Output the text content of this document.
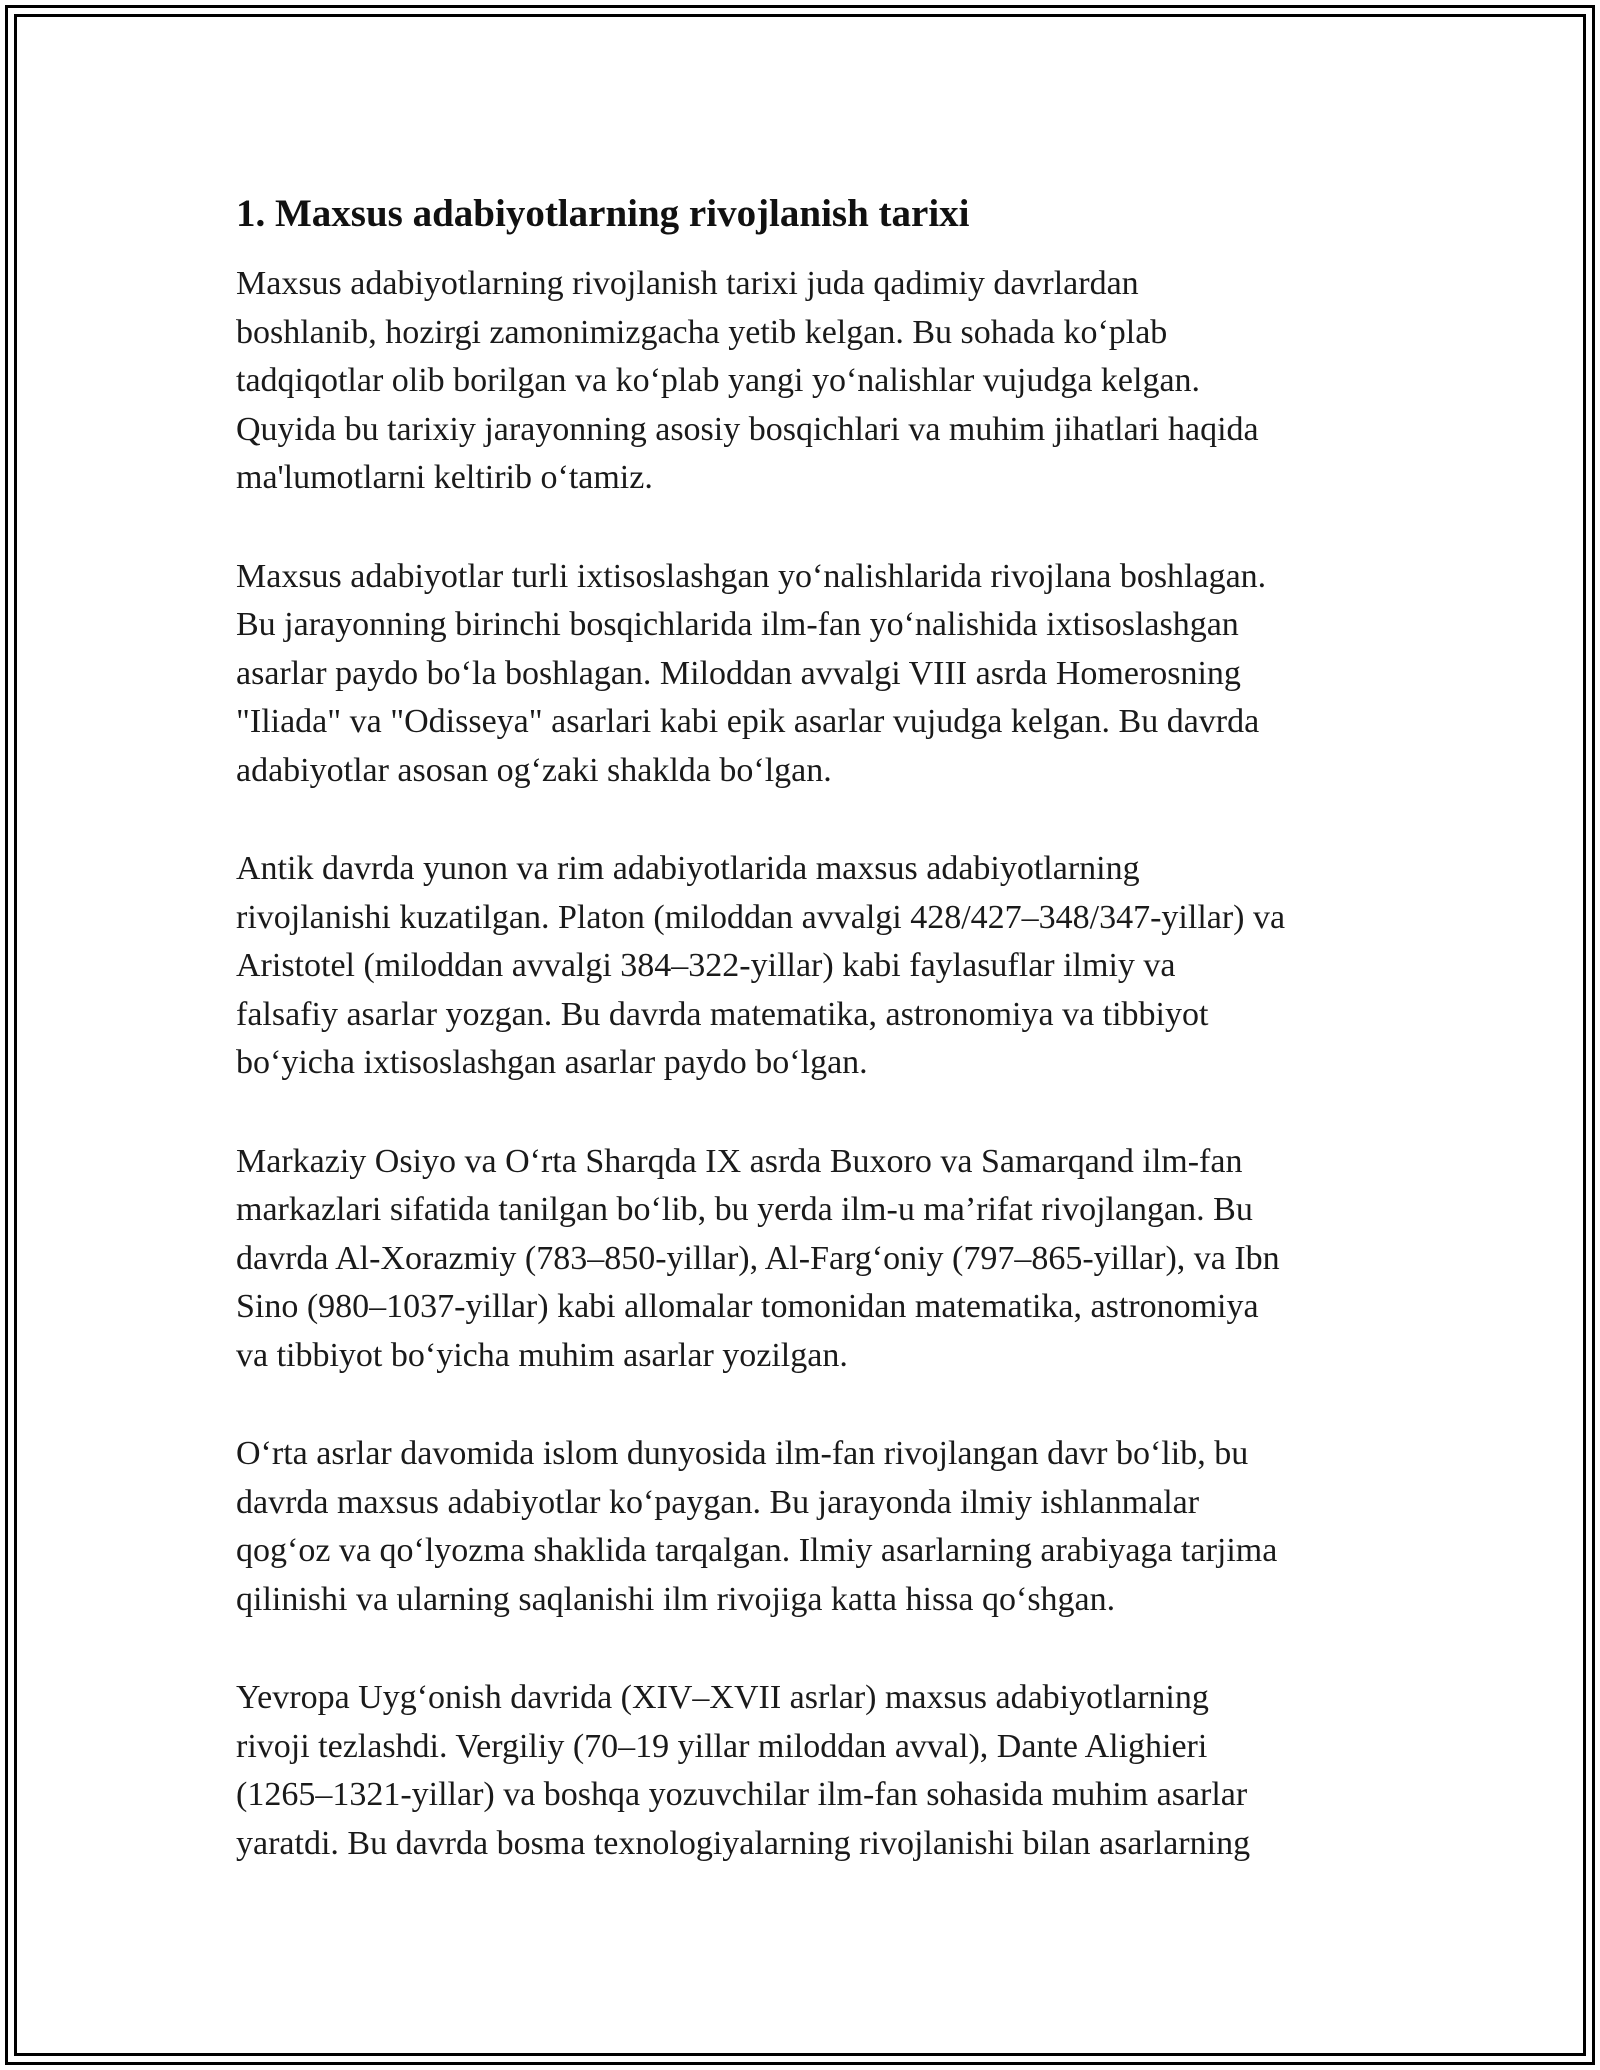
1. Maxsus adabiyotlarning rivojlanish tarixi

Maxsus adabiyotlarning rivojlanish tarixi juda qadimiy davrlardan
boshlanib, hozirgi zamonimizgacha yetib kelgan. Bu sohada ko‘plab
tadqiqotlar olib borilgan va ko‘plab yangi yo‘nalishlar vujudga kelgan.
Quyida bu tarixiy jarayonning asosiy bosqichlari va muhim jihatlari haqida
ma'lumotlarni keltirib o‘tamiz.

Maxsus adabiyotlar turli ixtisoslashgan yo‘nalishlarida rivojlana boshlagan.
Bu jarayonning birinchi bosqichlarida ilm-fan yo‘nalishida ixtisoslashgan
asarlar paydo bo‘la boshlagan. Miloddan avvalgi VIII asrda Homerosning
"Iliada" va "Odisseya" asarlari kabi epik asarlar vujudga kelgan. Bu davrda
adabiyotlar asosan og‘zaki shaklda bo‘lgan.

Antik davrda yunon va rim adabiyotlarida maxsus adabiyotlarning
rivojlanishi kuzatilgan. Platon (miloddan avvalgi 428/427–348/347-yillar) va
Aristotel (miloddan avvalgi 384–322-yillar) kabi faylasuflar ilmiy va
falsafiy asarlar yozgan. Bu davrda matematika, astronomiya va tibbiyot
bo‘yicha ixtisoslashgan asarlar paydo bo‘lgan.

Markaziy Osiyo va O‘rta Sharqda IX asrda Buxoro va Samarqand ilm-fan
markazlari sifatida tanilgan bo‘lib, bu yerda ilm-u ma’rifat rivojlangan. Bu
davrda Al-Xorazmiy (783–850-yillar), Al-Farg‘oniy (797–865-yillar), va Ibn
Sino (980–1037-yillar) kabi allomalar tomonidan matematika, astronomiya
va tibbiyot bo‘yicha muhim asarlar yozilgan.

O‘rta asrlar davomida islom dunyosida ilm-fan rivojlangan davr bo‘lib, bu
davrda maxsus adabiyotlar ko‘paygan. Bu jarayonda ilmiy ishlanmalar
qog‘oz va qo‘lyozma shaklida tarqalgan. Ilmiy asarlarning arabiyaga tarjima
qilinishi va ularning saqlanishi ilm rivojiga katta hissa qo‘shgan.

Yevropa Uyg‘onish davrida (XIV–XVII asrlar) maxsus adabiyotlarning
rivoji tezlashdi. Vergiliy (70–19 yillar miloddan avval), Dante Alighieri
(1265–1321-yillar) va boshqa yozuvchilar ilm-fan sohasida muhim asarlar
yaratdi. Bu davrda bosma texnologiyalarning rivojlanishi bilan asarlarning
